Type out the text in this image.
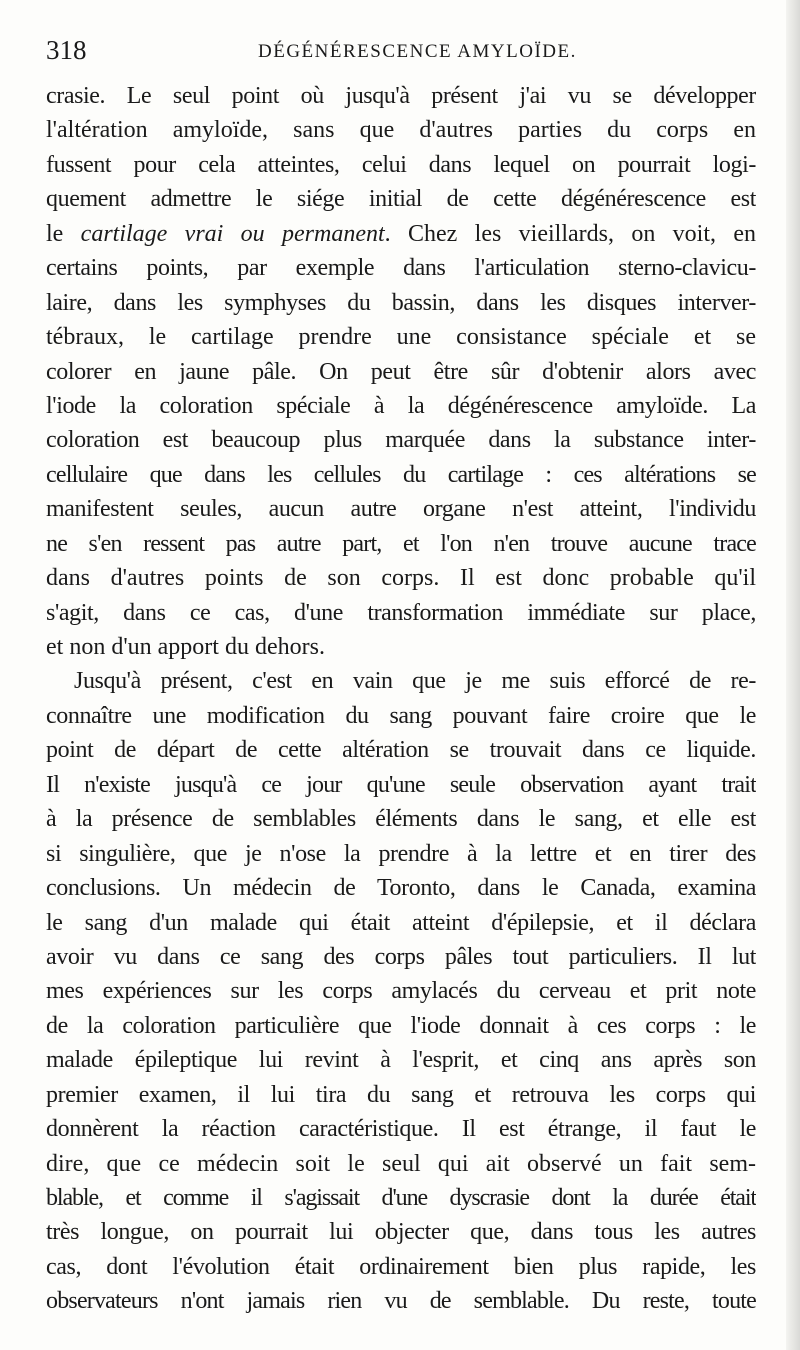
318	DÉGÉNÉRESCENCE AMYLOÏDE.
crasie. Le seul point où jusqu'à présent j'ai vu se développer
l'altération amyloïde, sans que d'autres parties du corps en
fussent pour cela atteintes, celui dans lequel on pourrait logi-
quement admettre le siége initial de cette dégénérescence est
le cartilage vrai ou permanent. Chez les vieillards, on voit, en
certains points, par exemple dans l'articulation sterno-clavicu-
laire, dans les symphyses du bassin, dans les disques interver-
tébraux, le cartilage prendre une consistance spéciale et se
colorer en jaune pâle. On peut être sûr d'obtenir alors avec
l'iode la coloration spéciale à la dégénérescence amyloïde. La
coloration est beaucoup plus marquée dans la substance inter-
cellulaire que dans les cellules du cartilage : ces altérations se
manifestent seules, aucun autre organe n'est atteint, l'individu
ne s'en ressent pas autre part, et l'on n'en trouve aucune trace
dans d'autres points de son corps. Il est donc probable qu'il
s'agit, dans ce cas, d'une transformation immédiate sur place,
et non d'un apport du dehors.
Jusqu'à présent, c'est en vain que je me suis efforcé de re-
connaître une modification du sang pouvant faire croire que le
point de départ de cette altération se trouvait dans ce liquide.
Il n'existe jusqu'à ce jour qu'une seule observation ayant trait
à la présence de semblables éléments dans le sang, et elle est
si singulière, que je n'ose la prendre à la lettre et en tirer des
conclusions. Un médecin de Toronto, dans le Canada, examina
le sang d'un malade qui était atteint d'épilepsie, et il déclara
avoir vu dans ce sang des corps pâles tout particuliers. Il lut
mes expériences sur les corps amylacés du cerveau et prit note
de la coloration particulière que l'iode donnait à ces corps : le
malade épileptique lui revint à l'esprit, et cinq ans après son
premier examen, il lui tira du sang et retrouva les corps qui
donnèrent la réaction caractéristique. Il est étrange, il faut le
dire, que ce médecin soit le seul qui ait observé un fait sem-
blable, et comme il s'agissait d'une dyscrasie dont la durée était
très longue, on pourrait lui objecter que, dans tous les autres
cas, dont l'évolution était ordinairement bien plus rapide, les
observateurs n'ont jamais rien vu de semblable. Du reste, toute
